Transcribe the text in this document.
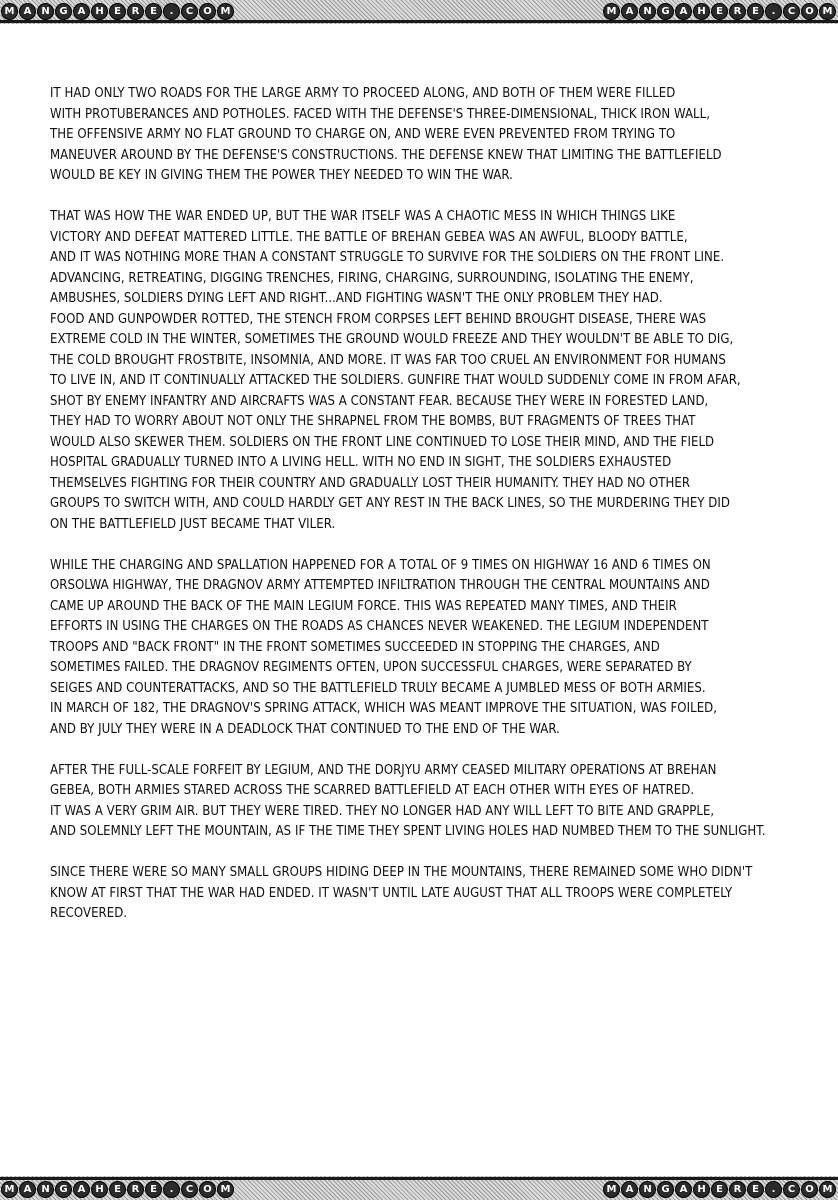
M A N G	A H	E	R	E	.	C	O M	M A N G	A H	E	R	E	.	C	O M

IT HAD ONLY TWO ROADS FOR THE LARGE ARMY TO PROCEED ALONG, AND BOTH OF THEM WERE FILLED
WITH PROTUBERANCES AND POTHOLES. FACED WITH THE DEFENSE'S THREE-DIMENSIONAL, THICK IRON WALL,
THE OFFENSIVE ARMY NO FLAT GROUND TO CHARGE ON, AND WERE EVEN PREVENTED FROM TRYING TO
MANEUVER AROUND BY THE DEFENSE'S CONSTRUCTIONS. THE DEFENSE KNEW THAT LIMITING THE BATTLEFIELD
WOULD BE KEY IN GIVING THEM THE POWER THEY NEEDED TO WIN THE WAR.

THAT WAS HOW THE WAR ENDED UP, BUT THE WAR ITSELF WAS A CHAOTIC MESS IN WHICH THINGS LIKE
VICTORY AND DEFEAT MATTERED LITTLE. THE BATTLE OF BREHAN GEBEA WAS AN AWFUL, BLOODY BATTLE,
AND IT WAS NOTHING MORE THAN A CONSTANT STRUGGLE TO SURVIVE FOR THE SOLDIERS ON THE FRONT LINE.
ADVANCING, RETREATING, DIGGING TRENCHES, FIRING, CHARGING, SURROUNDING, ISOLATING THE ENEMY,
AMBUSHES, SOLDIERS DYING LEFT AND RIGHT...AND FIGHTING WASN'T THE ONLY PROBLEM THEY HAD.
FOOD AND GUNPOWDER ROTTED, THE STENCH FROM CORPSES LEFT BEHIND BROUGHT DISEASE, THERE WAS
EXTREME COLD IN THE WINTER, SOMETIMES THE GROUND WOULD FREEZE AND THEY WOULDN'T BE ABLE TO DIG,
THE COLD BROUGHT FROSTBITE, INSOMNIA, AND MORE. IT WAS FAR TOO CRUEL AN ENVIRONMENT FOR HUMANS
TO LIVE IN, AND IT CONTINUALLY ATTACKED THE SOLDIERS. GUNFIRE THAT WOULD SUDDENLY COME IN FROM AFAR,
SHOT BY ENEMY INFANTRY AND AIRCRAFTS WAS A CONSTANT FEAR. BECAUSE THEY WERE IN FORESTED LAND,
THEY HAD TO WORRY ABOUT NOT ONLY THE SHRAPNEL FROM THE BOMBS, BUT FRAGMENTS OF TREES THAT
WOULD ALSO SKEWER THEM. SOLDIERS ON THE FRONT LINE CONTINUED TO LOSE THEIR MIND, AND THE FIELD
HOSPITAL GRADUALLY TURNED INTO A LIVING HELL. WITH NO END IN SIGHT, THE SOLDIERS EXHAUSTED
THEMSELVES FIGHTING FOR THEIR COUNTRY AND GRADUALLY LOST THEIR HUMANITY. THEY HAD NO OTHER
GROUPS TO SWITCH WITH, AND COULD HARDLY GET ANY REST IN THE BACK LINES, SO THE MURDERING THEY DID
ON THE BATTLEFIELD JUST BECAME THAT VILER.

WHILE THE CHARGING AND SPALLATION HAPPENED FOR A TOTAL OF 9 TIMES ON HIGHWAY 16 AND 6 TIMES ON
ORSOLWA HIGHWAY, THE DRAGNOV ARMY ATTEMPTED INFILTRATION THROUGH THE CENTRAL MOUNTAINS AND
CAME UP AROUND THE BACK OF THE MAIN LEGIUM FORCE. THIS WAS REPEATED MANY TIMES, AND THEIR
EFFORTS IN USING THE CHARGES ON THE ROADS AS CHANCES NEVER WEAKENED. THE LEGIUM INDEPENDENT
TROOPS AND "BACK FRONT" IN THE FRONT SOMETIMES SUCCEEDED IN STOPPING THE CHARGES, AND
SOMETIMES FAILED. THE DRAGNOV REGIMENTS OFTEN, UPON SUCCESSFUL CHARGES, WERE SEPARATED BY
SEIGES AND COUNTERATTACKS, AND SO THE BATTLEFIELD TRULY BECAME A JUMBLED MESS OF BOTH ARMIES.
IN MARCH OF 182, THE DRAGNOV'S SPRING ATTACK, WHICH WAS MEANT IMPROVE THE SITUATION, WAS FOILED,
AND BY JULY THEY WERE IN A DEADLOCK THAT CONTINUED TO THE END OF THE WAR.

AFTER THE FULL-SCALE FORFEIT BY LEGIUM, AND THE DORJYU ARMY CEASED MILITARY OPERATIONS AT BREHAN
GEBEA, BOTH ARMIES STARED ACROSS THE SCARRED BATTLEFIELD AT EACH OTHER WITH EYES OF HATRED.
IT WAS A VERY GRIM AIR. BUT THEY WERE TIRED. THEY NO LONGER HAD ANY WILL LEFT TO BITE AND GRAPPLE,
AND SOLEMNLY LEFT THE MOUNTAIN, AS IF THE TIME THEY SPENT LIVING HOLES HAD NUMBED THEM TO THE SUNLIGHT.

SINCE THERE WERE SO MANY SMALL GROUPS HIDING DEEP IN THE MOUNTAINS, THERE REMAINED SOME WHO DIDN'T
KNOW AT FIRST THAT THE WAR HAD ENDED. IT WASN'T UNTIL LATE AUGUST THAT ALL TROOPS WERE COMPLETELY
RECOVERED.

M A N G	A H	E	R	E	.	C	O M	M A N G	A H	E	R	E	.	C	O M
